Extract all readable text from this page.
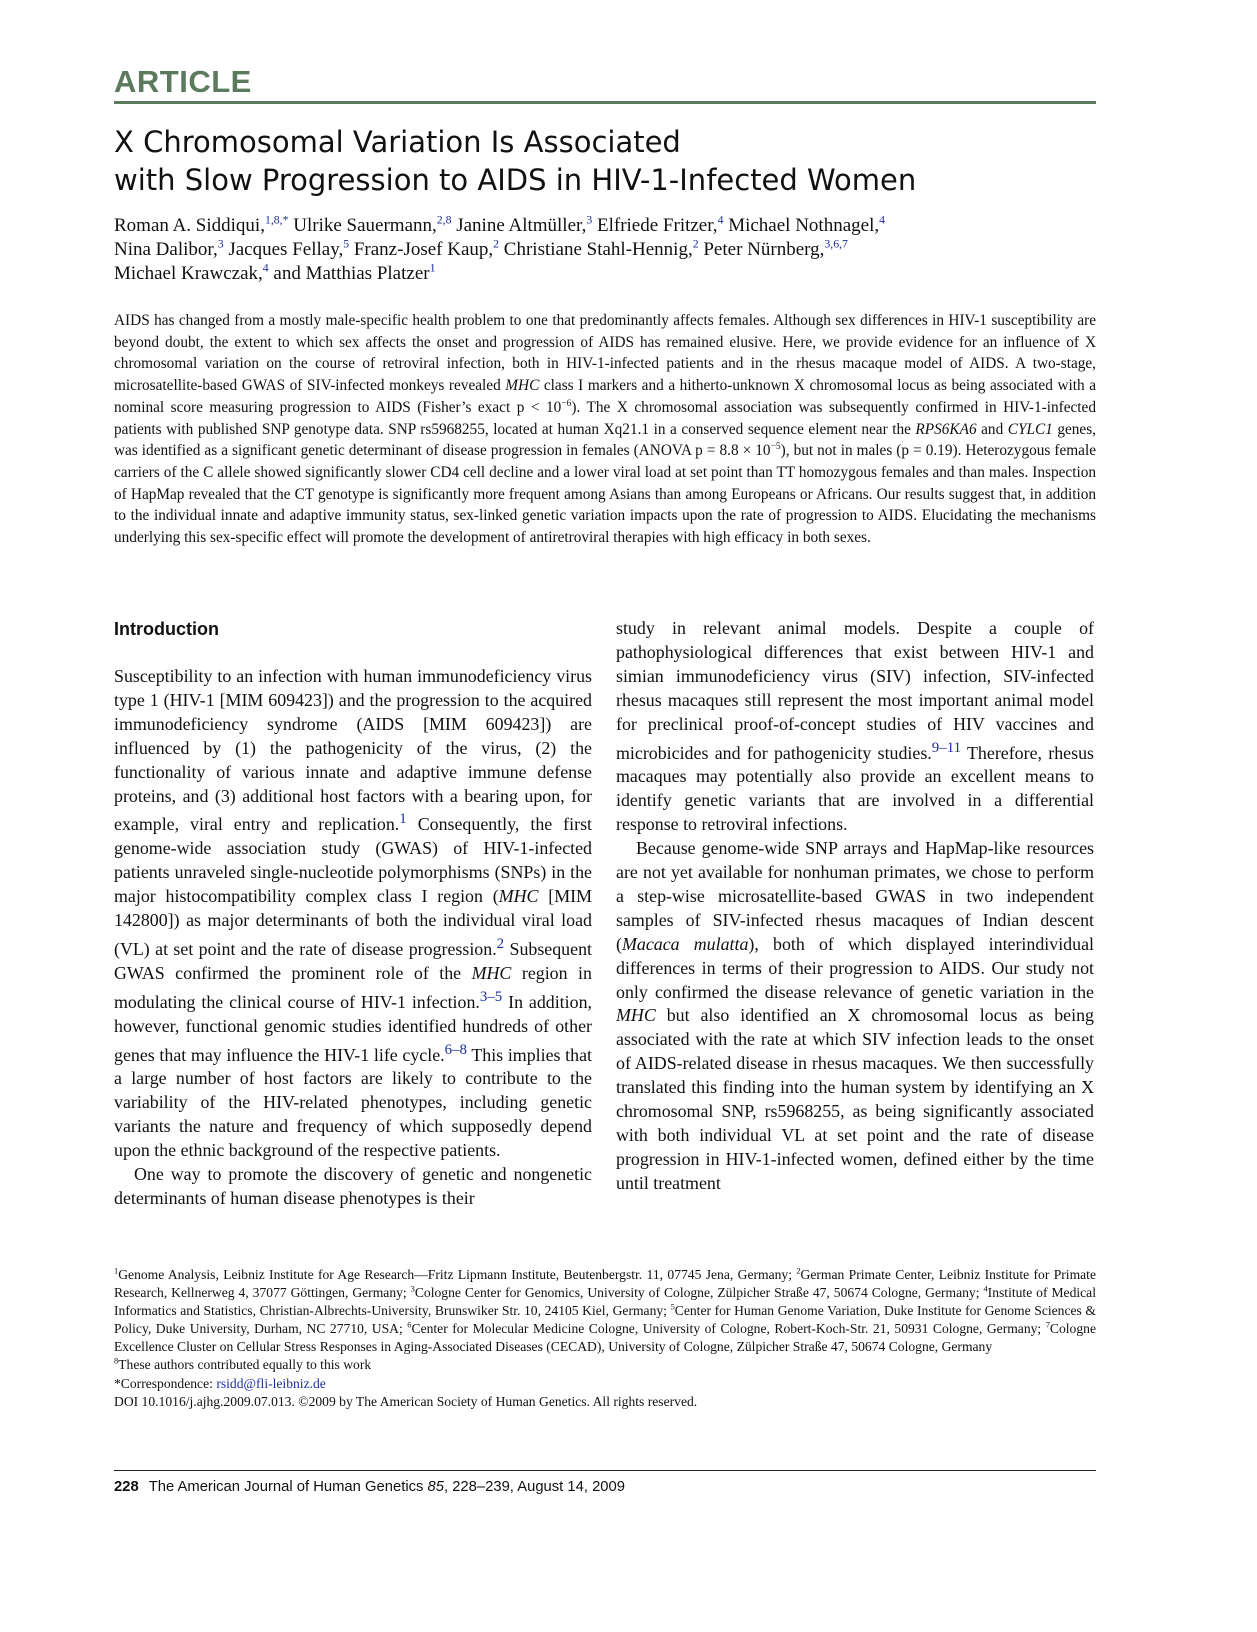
ARTICLE
X Chromosomal Variation Is Associated
with Slow Progression to AIDS in HIV-1-Infected Women
Roman A. Siddiqui,$^{1,8,*}$ Ulrike Sauermann,$^{2,8}$ Janine Altmüller,$^3$ Elfriede Fritzer,$^4$ Michael Nothnagel,$^4$
Nina Dalibor,$^3$ Jacques Fellay,$^5$ Franz-Josef Kaup,$^2$ Christiane Stahl-Hennig,$^2$ Peter Nürnberg,$^{3,6,7}$
Michael Krawczak,$^4$ and Matthias Platzer$^1$

AIDS has changed from a mostly male-specific health problem to one that predominantly affects females. Although sex differences in HIV-1 susceptibility are beyond doubt, the extent to which sex affects the onset and progression of AIDS has remained elusive. Here, we provide evidence for an influence of X chromosomal variation on the course of retroviral infection, both in HIV-1-infected patients and in the rhesus macaque model of AIDS. A two-stage, microsatellite-based GWAS of SIV-infected monkeys revealed MHC class I markers and a hitherto-unknown X chromosomal locus as being associated with a nominal score measuring progression to AIDS (Fisher’s exact $p < 10^{-6}$). The X chromosomal association was subsequently confirmed in HIV-1-infected patients with published SNP genotype data. SNP rs5968255, located at human Xq21.1 in a conserved sequence element near the RPS6KA6 and CYLC1 genes, was identified as a significant genetic determinant of disease progression in females (ANOVA $p = 8.8 \times 10^{-5}$), but not in males (p = 0.19). Heterozygous female carriers of the C allele showed significantly slower CD4 cell decline and a lower viral load at set point than TT homozygous females and than males. Inspection of HapMap revealed that the CT genotype is significantly more frequent among Asians than among Europeans or Africans. Our results suggest that, in addition to the individual innate and adaptive immunity status, sex-linked genetic variation impacts upon the rate of progression to AIDS. Elucidating the mechanisms underlying this sex-specific effect will promote the development of antiretroviral therapies with high efficacy in both sexes.

Introduction

Susceptibility to an infection with human immunodeficiency virus type 1 (HIV-1 [MIM 609423]) and the progression to the acquired immunodeficiency syndrome (AIDS [MIM 609423]) are influenced by (1) the pathogenicity of the virus, (2) the functionality of various innate and adaptive immune defense proteins, and (3) additional host factors with a bearing upon, for example, viral entry and replication.$^1$ Consequently, the first genome-wide association study (GWAS) of HIV-1-infected patients unraveled single-nucleotide polymorphisms (SNPs) in the major histocompatibility complex class I region (MHC [MIM 142800]) as major determinants of both the individual viral load (VL) at set point and the rate of disease progression.$^2$ Subsequent GWAS confirmed the prominent role of the MHC region in modulating the clinical course of HIV-1 infection.$^{3-5}$ In addition, however, functional genomic studies identified hundreds of other genes that may influence the HIV-1 life cycle.$^{6-8}$ This implies that a large number of host factors are likely to contribute to the variability of the HIV-related phenotypes, including genetic variants the nature and frequency of which supposedly depend upon the ethnic background of the respective patients.

One way to promote the discovery of genetic and nongenetic determinants of human disease phenotypes is their

study in relevant animal models. Despite a couple of pathophysiological differences that exist between HIV-1 and simian immunodeficiency virus (SIV) infection, SIV-infected rhesus macaques still represent the most important animal model for preclinical proof-of-concept studies of HIV vaccines and microbicides and for pathogenicity studies.$^{9-11}$ Therefore, rhesus macaques may potentially also provide an excellent means to identify genetic variants that are involved in a differential response to retroviral infections.

Because genome-wide SNP arrays and HapMap-like resources are not yet available for nonhuman primates, we chose to perform a step-wise microsatellite-based GWAS in two independent samples of SIV-infected rhesus macaques of Indian descent (Macaca mulatta), both of which displayed interindividual differences in terms of their progression to AIDS. Our study not only confirmed the disease relevance of genetic variation in the MHC but also identified an X chromosomal locus as being associated with the rate at which SIV infection leads to the onset of AIDS-related disease in rhesus macaques. We then successfully translated this finding into the human system by identifying an X chromosomal SNP, rs5968255, as being significantly associated with both individual VL at set point and the rate of disease progression in HIV-1-infected women, defined either by the time until treatment

$^1$Genome Analysis, Leibniz Institute for Age Research—Fritz Lipmann Institute, Beutenbergstr. 11, 07745 Jena, Germany; $^2$German Primate Center, Leibniz Institute for Primate Research, Kellnerweg 4, 37077 Göttingen, Germany; $^3$Cologne Center for Genomics, University of Cologne, Zülpicher Straße 47, 50674 Cologne, Germany; $^4$Institute of Medical Informatics and Statistics, Christian-Albrechts-University, Brunswiker Str. 10, 24105 Kiel, Germany; $^5$Center for Human Genome Variation, Duke Institute for Genome Sciences & Policy, Duke University, Durham, NC 27710, USA; $^6$Center for Molecular Medicine Cologne, University of Cologne, Robert-Koch-Str. 21, 50931 Cologne, Germany; $^7$Cologne Excellence Cluster on Cellular Stress Responses in Aging-Associated Diseases (CECAD), University of Cologne, Zülpicher Straße 47, 50674 Cologne, Germany

$^8$These authors contributed equally to this work

*Correspondence: rsidd@fli-leibniz.de

DOI 10.1016/j.ajhg.2009.07.013. ©2009 by The American Society of Human Genetics. All rights reserved.

228 The American Journal of Human Genetics 85, 228–239, August 14, 2009
